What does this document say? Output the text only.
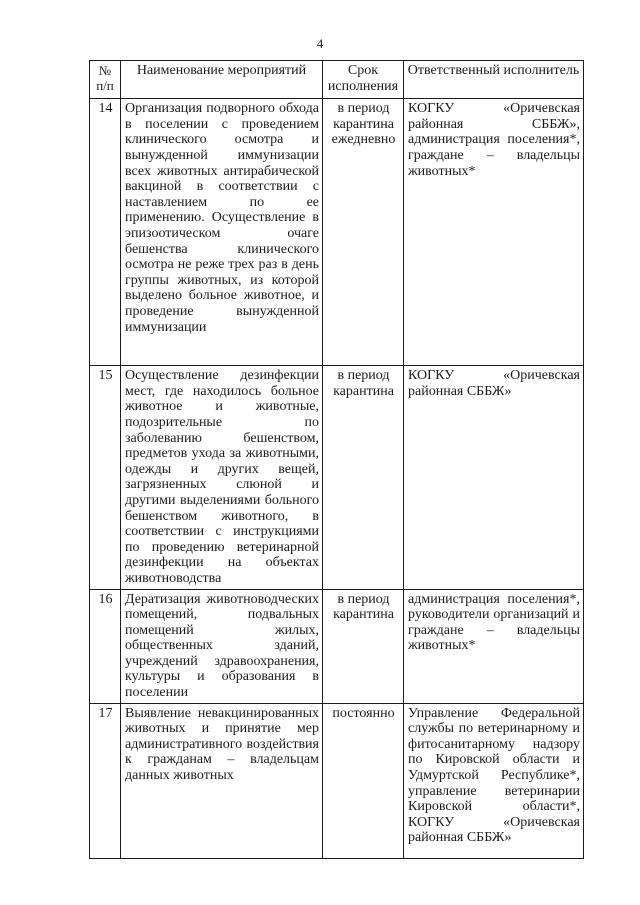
4
№ п/п	Наименование мероприятий	Срок исполнения	Ответственный исполнитель
14	Организация подворного обхода в поселении с проведением клинического осмотра и вынужденной иммунизации всех животных антирабической вакциной в соответствии с наставлением по ее применению. Осуществление в эпизоотическом очаге бешенства клинического осмотра не реже трех раз в день группы животных, из которой выделено больное животное, и проведение вынужденной иммунизации	в период карантина ежедневно	КОГКУ «Оричевская районная СББЖ», администрация поселения*, граждане – владельцы животных*
15	Осуществление дезинфекции мест, где находилось больное животное и животные, подозрительные по заболеванию бешенством, предметов ухода за животными, одежды и других вещей, загрязненных слюной и другими выделениями больного бешенством животного, в соответствии с инструкциями по проведению ветеринарной дезинфекции на объектах животноводства	в период карантина	КОГКУ «Оричевская районная СББЖ»
16	Дератизация животноводческих помещений, подвальных помещений жилых, общественных зданий, учреждений здравоохранения, культуры и образования в поселении	в период карантина	администрация поселения*, руководители организаций и граждане – владельцы животных*
17	Выявление невакцинированных животных и принятие мер административного воздействия к гражданам – владельцам данных животных	постоянно	Управление Федеральной службы по ветеринарному и фитосанитарному надзору по Кировской области и Удмуртской Республике*, управление ветеринарии Кировской области*, КОГКУ «Оричевская районная СББЖ»
